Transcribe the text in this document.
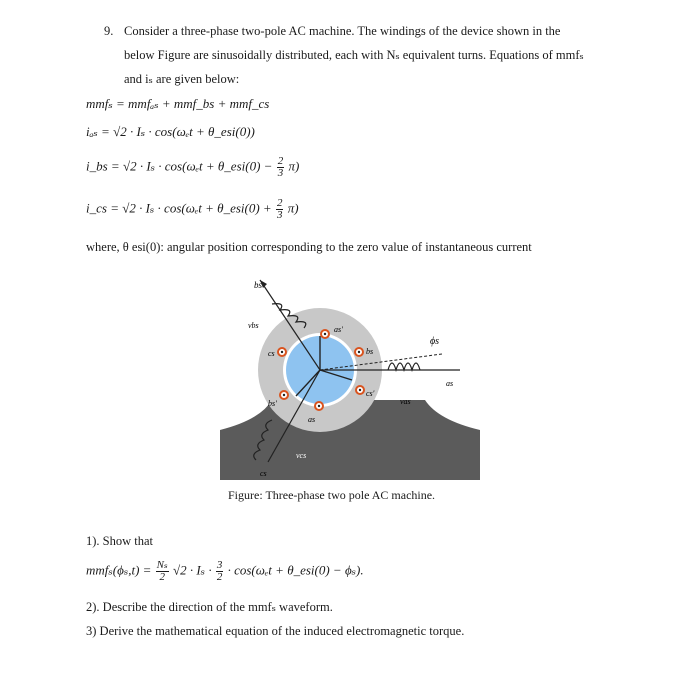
9. Consider a three-phase two-pole AC machine. The windings of the device shown in the
below Figure are sinusoidally distributed, each with Nₛ equivalent turns. Equations of mmfₛ
and iₛ are given below:
mmfₛ = mmfₐₛ + mmf_bs + mmf_cs
iₐₛ = √2 · Iₛ · cos(ωₑt + θ_esi(0))
i_bs = √2 · Iₛ · cos(ωₑt + θ_esi(0) − $\frac{2}{3} \pi$)
i_cs = √2 · Iₛ · cos(ωₑt + θ_esi(0) + $\frac{2}{3} \pi$)
where, θ esi(0): angular position corresponding to the zero value of instantaneous current
bs
vbs	as'
cs	bs
ϕs
as
cs'
vas
bs'
as
vcs
cs
Figure: Three-phase two pole AC machine.
1). Show that
$mmf_s(\phi_s,t) = \frac{\text{Nₛ}}{2} √2 \cdot I_s \cdot \frac{3}{2} \cdot \cos(\omega_et$ + θ_esi(0) − ϕₛ).
2). Describe the direction of the mmfₛ waveform.
3) Derive the mathematical equation of the induced electromagnetic torque.
